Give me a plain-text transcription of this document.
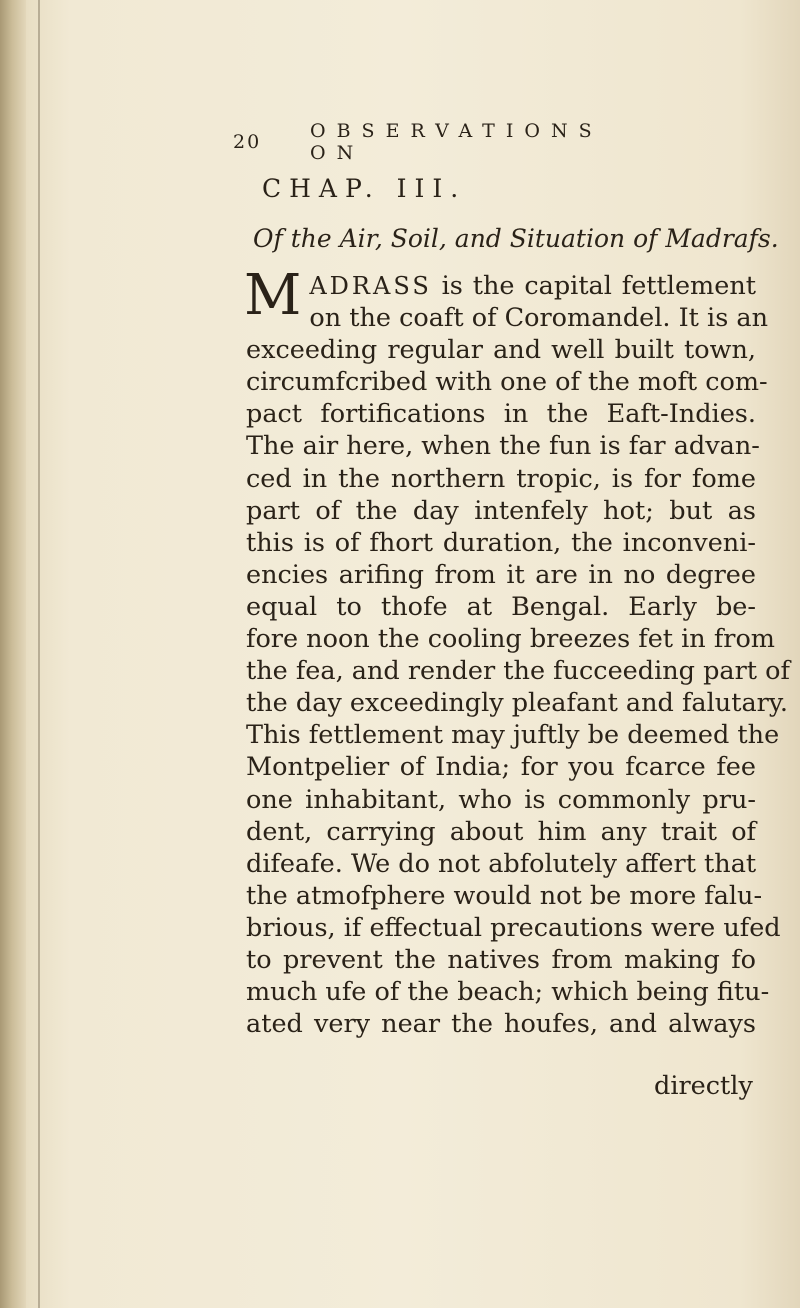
20	OBSERVATIONS ON
CHAP. III.
Of the Air, Soil, and Situation of Madrafs.
M ADRASS is the capital fettlement
on the coaft of Coromandel. It is an
exceeding regular and well built town,
circumfcribed with one of the moft com-
pact fortifications in the Eaft-Indies.
The air here, when the fun is far advan-
ced in the northern tropic, is for fome
part of the day intenfely hot; but as
this is of fhort duration, the inconveni-
encies arifing from it are in no degree
equal to thofe at Bengal. Early be-
fore noon the cooling breezes fet in from
the fea, and render the fucceeding part of
the day exceedingly pleafant and falutary.
This fettlement may juftly be deemed the
Montpelier of India; for you fcarce fee
one inhabitant, who is commonly pru-
dent, carrying about him any trait of
difeafe. We do not abfolutely affert that
the atmofphere would not be more falu-
brious, if effectual precautions were ufed
to prevent the natives from making fo
much ufe of the beach; which being fitu-
ated very near the houfes, and always
directly
